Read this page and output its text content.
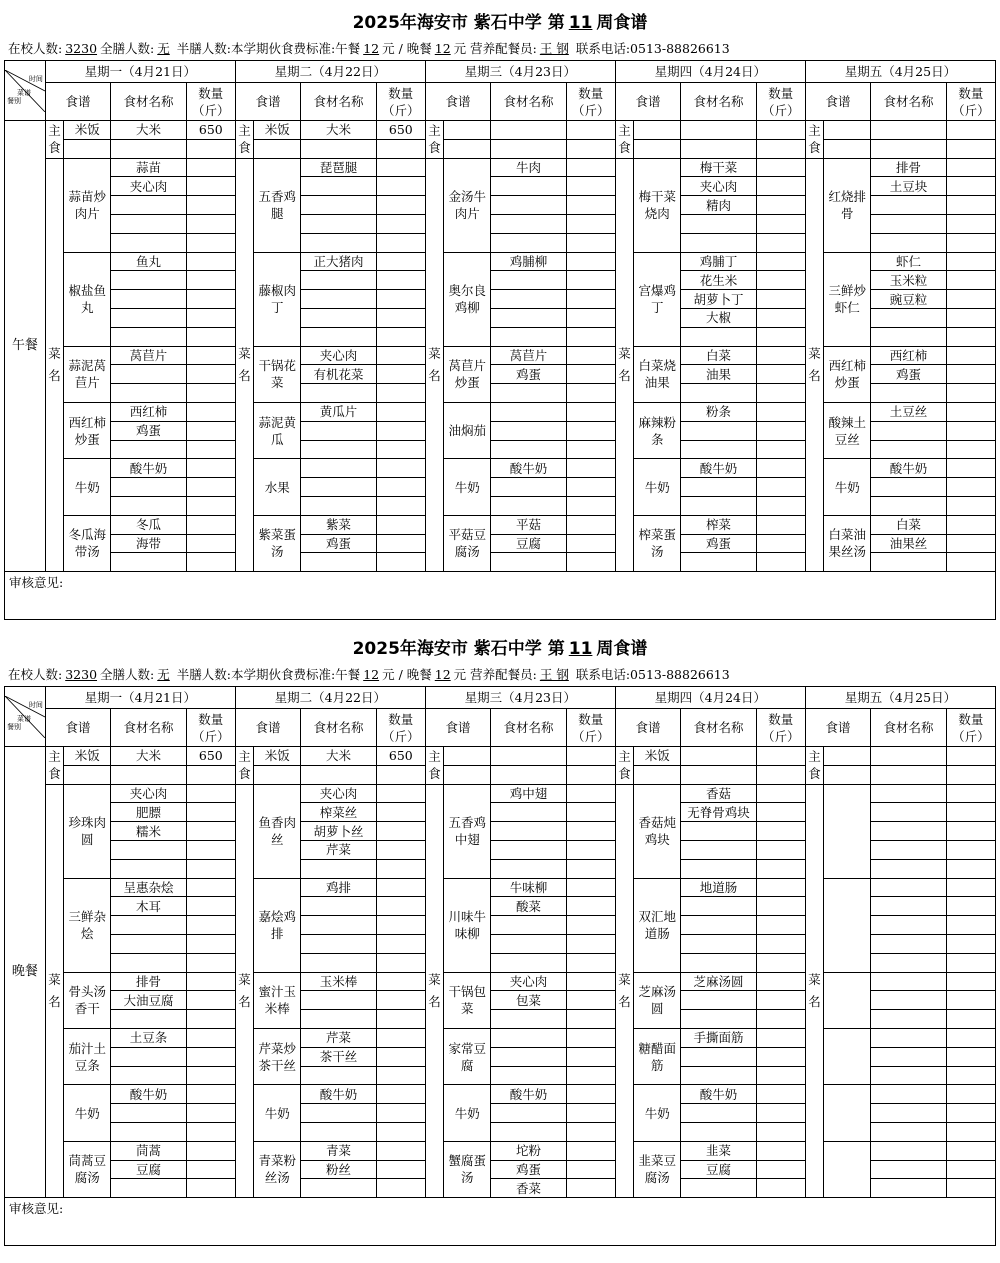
2025年海安市 紫石中学 第 11 周食谱
在校人数: 3230 全膳人数: 无 半膳人数:本学期伙食费标准:午餐 12 元 / 晚餐 12 元 营养配餐员: 王 钢 联系电话:0513-88826613
时间
菜谱
餐别	星期一（4月21日）				星期二（4月22日）				星期三（4月23日）				星期四（4月24日）				星期五（4月25日）			
	食谱		食材名称	数量（斤）	食谱		食材名称	数量（斤）	食谱		食材名称	数量（斤）	食谱		食材名称	数量（斤）	食谱		食材名称	数量（斤）
午餐	主食	米饭	大米	650	主食	米饭	大米	650	主食				主食				主食			

	菜名	蒜苗炒肉片	蒜苗		菜名	五香鸡腿	琵琶腿		菜名	金汤牛肉片	牛肉		菜名	梅干菜烧肉	梅干菜		菜名	红烧排骨	排骨	
			夹心肉												夹心肉				土豆块	
															精肉					

		椒盐鱼丸	鱼丸			藤椒肉丁	正大猪肉			奥尔良鸡柳	鸡脯柳			宫爆鸡丁	鸡脯丁			三鲜炒虾仁	虾仁	
															花生米				玉米粒	
															胡萝卜丁				豌豆粒	
															大椒					

		蒜泥莴苣片	莴苣片			干锅花菜	夹心肉			莴苣片炒蛋	莴苣片			白菜烧油果	白菜			西红柿炒蛋	西红柿	
							有机花菜				鸡蛋				油果				鸡蛋	

		西红柿炒蛋	西红柿			蒜泥黄瓜	黄瓜片			油焖茄				麻辣粉条	粉条			酸辣土豆丝	土豆丝	
			鸡蛋																	

		牛奶	酸牛奶			水果				牛奶	酸牛奶			牛奶	酸牛奶			牛奶	酸牛奶	

		冬瓜海带汤	冬瓜			紫菜蛋汤	紫菜			平菇豆腐汤	平菇			榨菜蛋汤	榨菜			白菜油果丝汤	白菜	
			海带				鸡蛋				豆腐				鸡蛋				油果丝	

审核意见:																				
2025年海安市 紫石中学 第 11 周食谱
在校人数: 3230 全膳人数: 无 半膳人数:本学期伙食费标准:午餐 12 元 / 晚餐 12 元 营养配餐员: 王 钢 联系电话:0513-88826613
时间
菜谱
餐别	星期一（4月21日）				星期二（4月22日）				星期三（4月23日）				星期四（4月24日）				星期五（4月25日）			
	食谱		食材名称	数量（斤）	食谱		食材名称	数量（斤）	食谱		食材名称	数量（斤）	食谱		食材名称	数量（斤）	食谱		食材名称	数量（斤）
晚餐	主食	米饭	大米	650	主食	米饭	大米	650	主食				主食	米饭			主食			

	菜名	珍珠肉圆	夹心肉		菜名	鱼香肉丝	夹心肉		菜名	五香鸡中翅	鸡中翅		菜名	香菇炖鸡块	香菇		菜名			
			肥膘				榨菜丝								无脊骨鸡块					
			糯米				胡萝卜丝													
							芹菜													

		三鲜杂烩	呈惠杂烩			嘉烩鸡排	鸡排			川味牛味柳	牛味柳			双汇地道肠	地道肠					
			木耳								酸菜									

		骨头汤香干	排骨			蜜汁玉米棒	玉米棒			干锅包菜	夹心肉			芝麻汤圆	芝麻汤圆					
			大油豆腐								包菜									

		茄汁土豆条	土豆条			芹菜炒茶干丝	芹菜			家常豆腐				糖醋面筋	手撕面筋					
							茶干丝													

		牛奶	酸牛奶			牛奶	酸牛奶			牛奶	酸牛奶			牛奶	酸牛奶					

		茼蒿豆腐汤	茼蒿			青菜粉丝汤	青菜			蟹腐蛋汤	坨粉			韭菜豆腐汤	韭菜					
			豆腐				粉丝				鸡蛋				豆腐					
											香菜									
审核意见:																				
